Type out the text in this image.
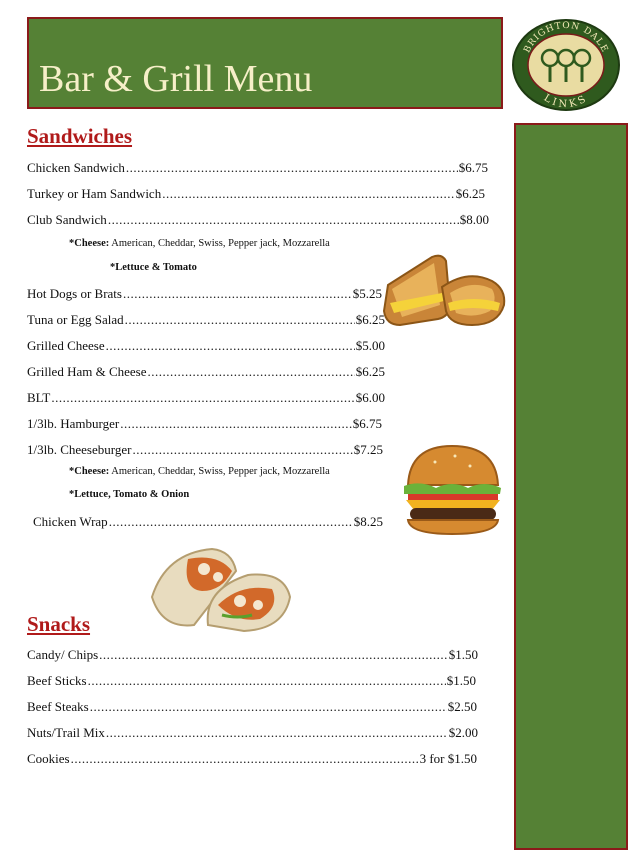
Bar & Grill Menu
BRIGHTON DALE
LINKS
Sandwiches
Chicken Sandwich .....	$6.75
Turkey or Ham Sandwich .....	$6.25
Club Sandwich .....	$8.00
*Cheese: American, Cheddar, Swiss, Pepper jack, Mozzarella
*Lettuce & Tomato
Hot Dogs or Brats .....	$5.25
Tuna or Egg Salad .....	$6.25
Grilled Cheese .....	$5.00
Grilled Ham & Cheese .....	$6.25
BLT .....	$6.00
1/3lb. Hamburger .....	$6.75
1/3lb. Cheeseburger .....	$7.25
*Cheese: American, Cheddar, Swiss, Pepper jack, Mozzarella
*Lettuce, Tomato & Onion
Chicken Wrap .....	$8.25
Snacks
Candy/ Chips .....	$1.50
Beef Sticks .....	$1.50
Beef Steaks .....	$2.50
Nuts/Trail Mix .....	$2.00
Cookies .....	3 for $1.50
